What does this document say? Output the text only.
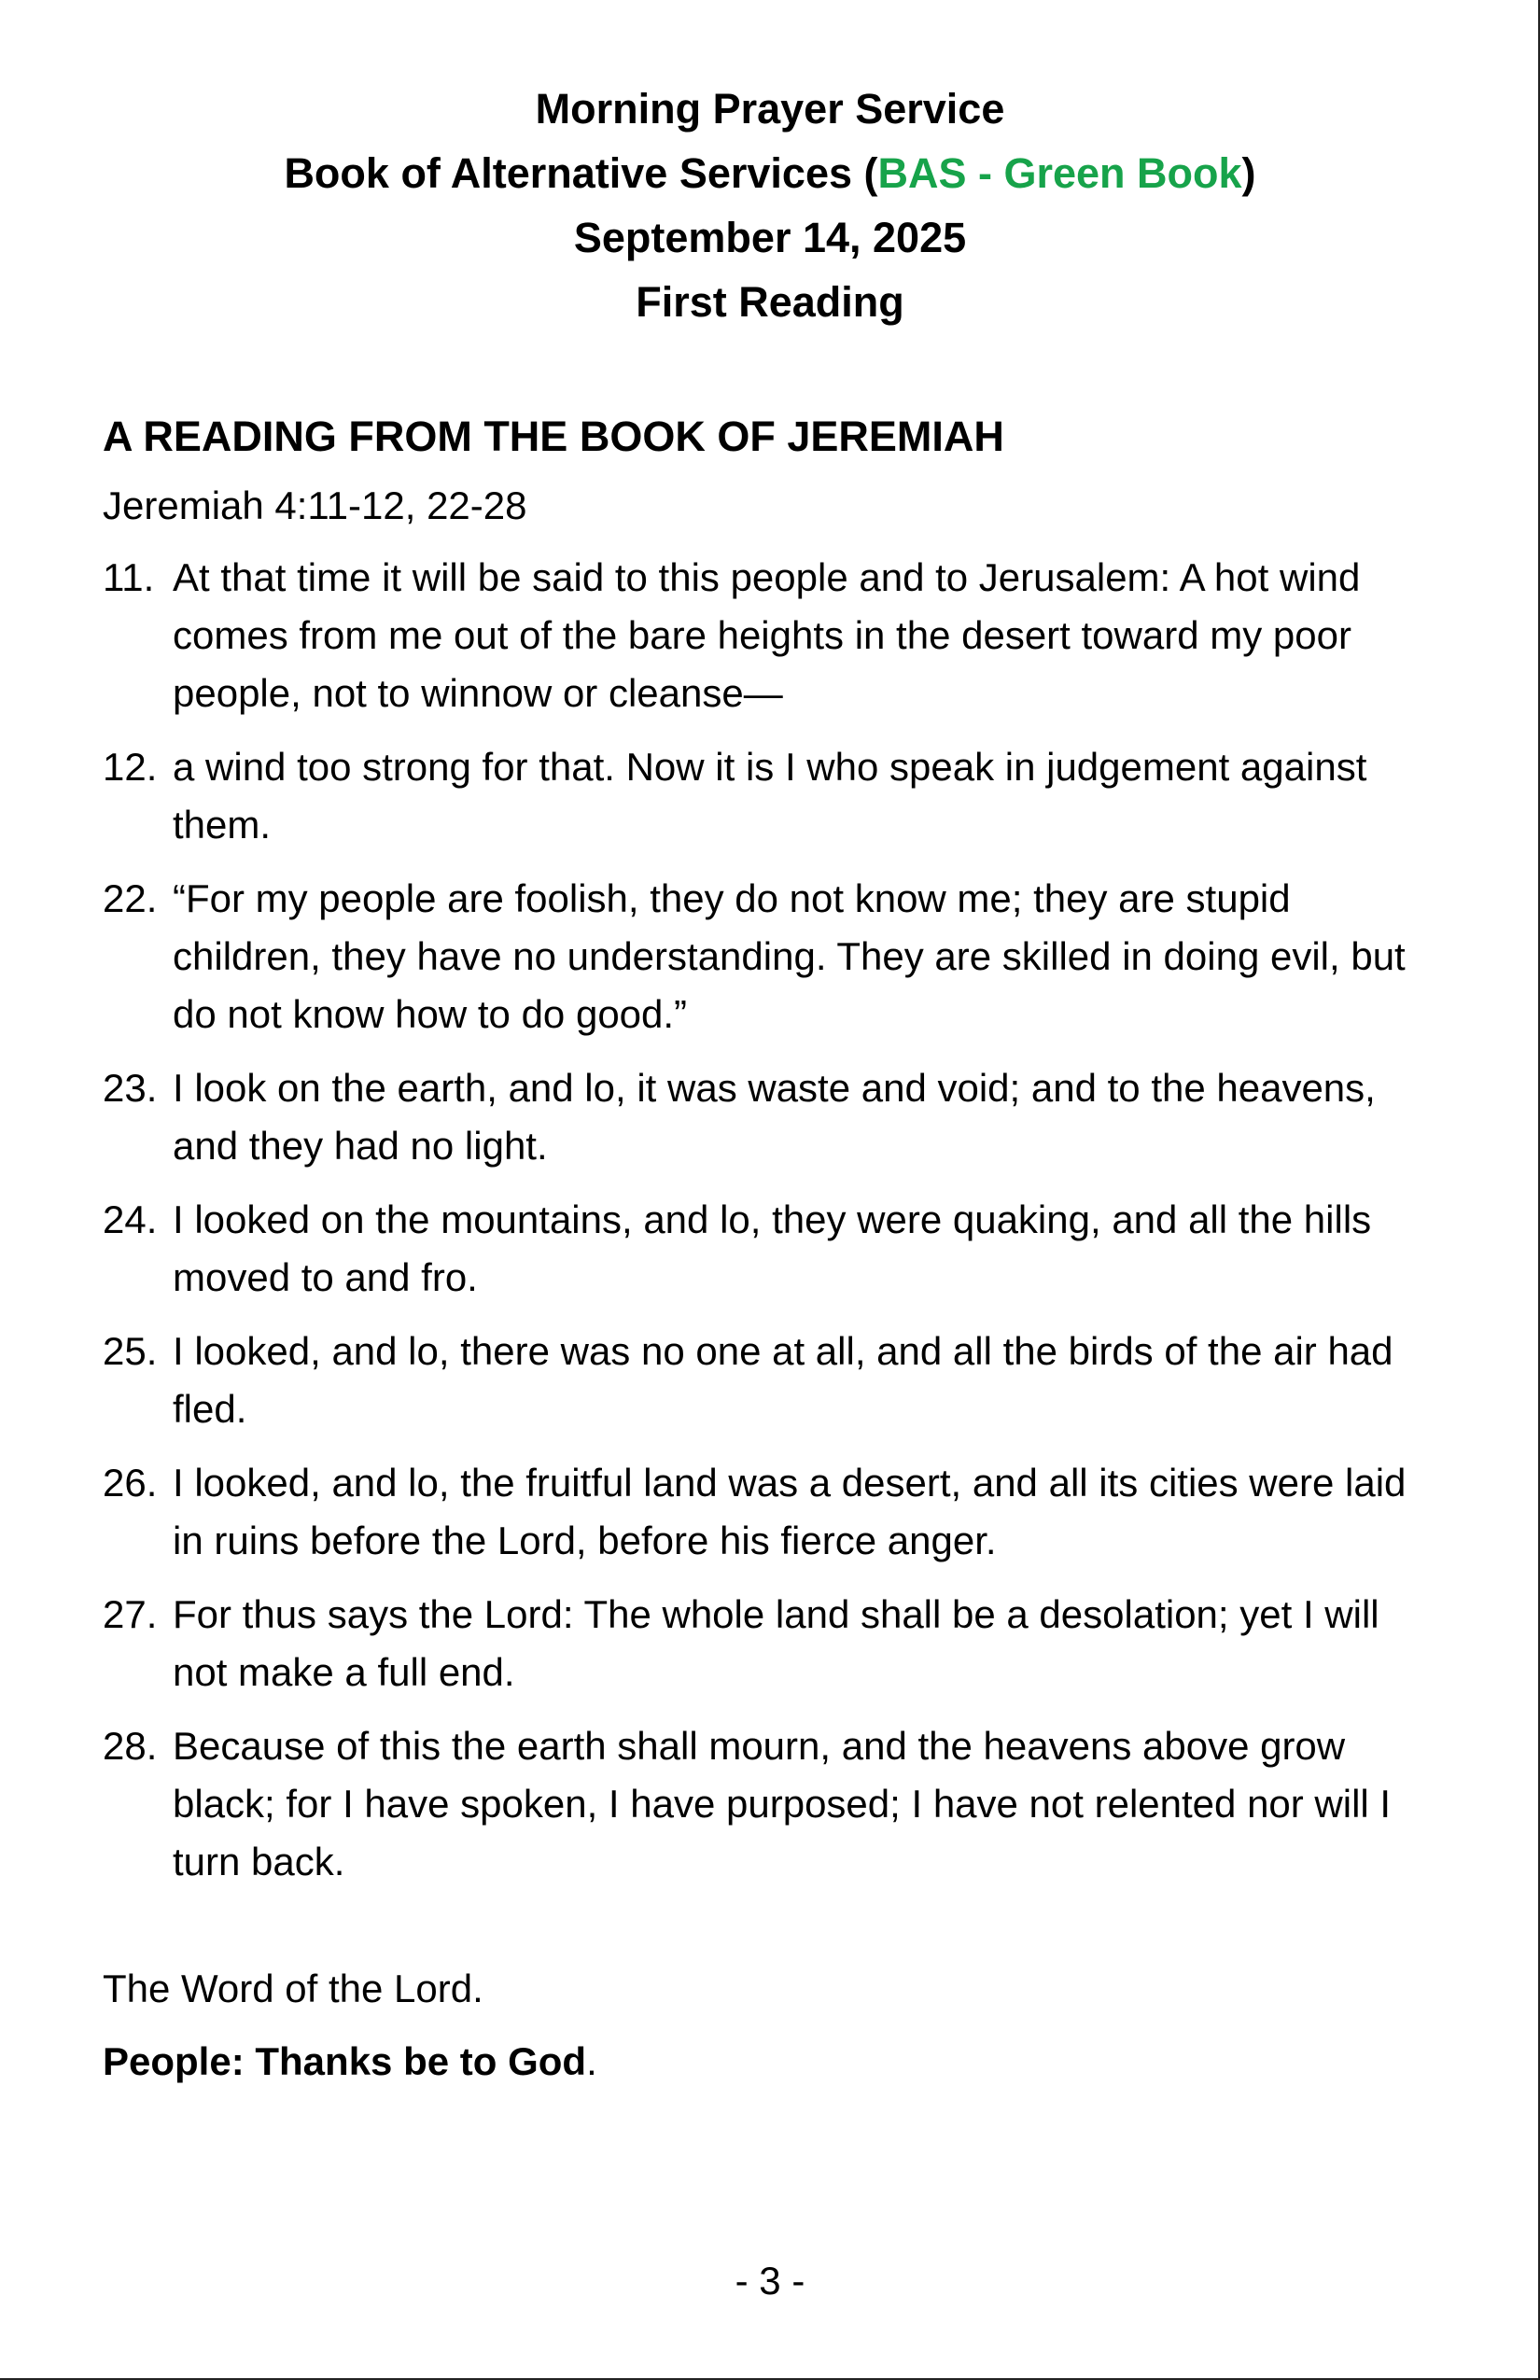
Morning Prayer Service
Book of Alternative Services (BAS - Green Book)
September 14, 2025
First Reading
A READING FROM THE BOOK OF JEREMIAH
Jeremiah 4:11-12, 22-28
11. At that time it will be said to this people and to Jerusalem: A hot wind comes from me out of the bare heights in the desert toward my poor people, not to winnow or cleanse—
12. a wind too strong for that. Now it is I who speak in judgement against them.
22. “For my people are foolish, they do not know me; they are stupid children, they have no understanding. They are skilled in doing evil, but do not know how to do good.”
23. I look on the earth, and lo, it was waste and void; and to the heavens, and they had no light.
24. I looked on the mountains, and lo, they were quaking, and all the hills moved to and fro.
25. I looked, and lo, there was no one at all, and all the birds of the air had fled.
26. I looked, and lo, the fruitful land was a desert, and all its cities were laid in ruins before the Lord, before his fierce anger.
27. For thus says the Lord: The whole land shall be a desolation; yet I will not make a full end.
28. Because of this the earth shall mourn, and the heavens above grow black; for I have spoken, I have purposed; I have not relented nor will I turn back.
The Word of the Lord.
People: Thanks be to God.
- 3 -
